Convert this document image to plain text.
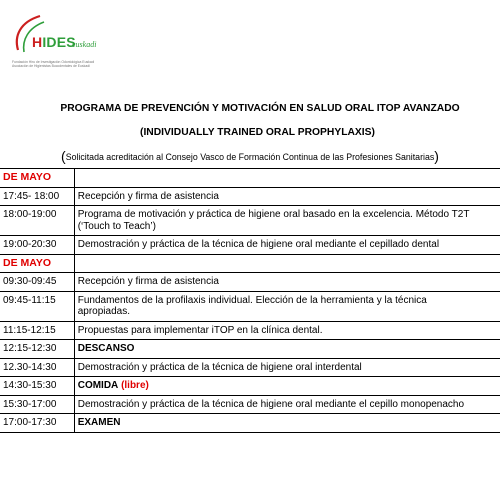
HIDES
euskadi
Fundación Hiru de Investigación Odontológica Euskadi
Asociación de Higienistas Bucodentales de Euskadi
PROGRAMA DE PREVENCIÓN Y MOTIVACIÓN EN SALUD ORAL ITOP AVANZADO
(INDIVIDUALLY TRAINED ORAL PROPHYLAXIS)
(Solicitada acreditación al Consejo Vasco de Formación Continua de las Profesiones Sanitarias)
DE MAYO	
17:45- 18:00	Recepción y firma de asistencia
18:00-19:00	Programa de motivación y práctica de higiene oral basado en la excelencia. Método T2T
(‘Touch to Teach’)

19:00-20:30	Demostración y práctica de la técnica de higiene oral mediante el cepillado dental
DE MAYO	
09:30-09:45	Recepción y firma de asistencia
09:45-11:15	Fundamentos de la profilaxis individual. Elección de la herramienta y la técnica
apropiadas.

11:15-12:15	Propuestas para implementar iTOP en la clínica dental.
12:15-12:30	DESCANSO
12.30-14:30	Demostración y práctica de la técnica de higiene oral interdental
14:30-15:30	COMIDA (libre)
15:30-17:00	Demostración y práctica de la técnica de higiene oral mediante el cepillo monopenacho
17:00-17:30	EXAMEN
